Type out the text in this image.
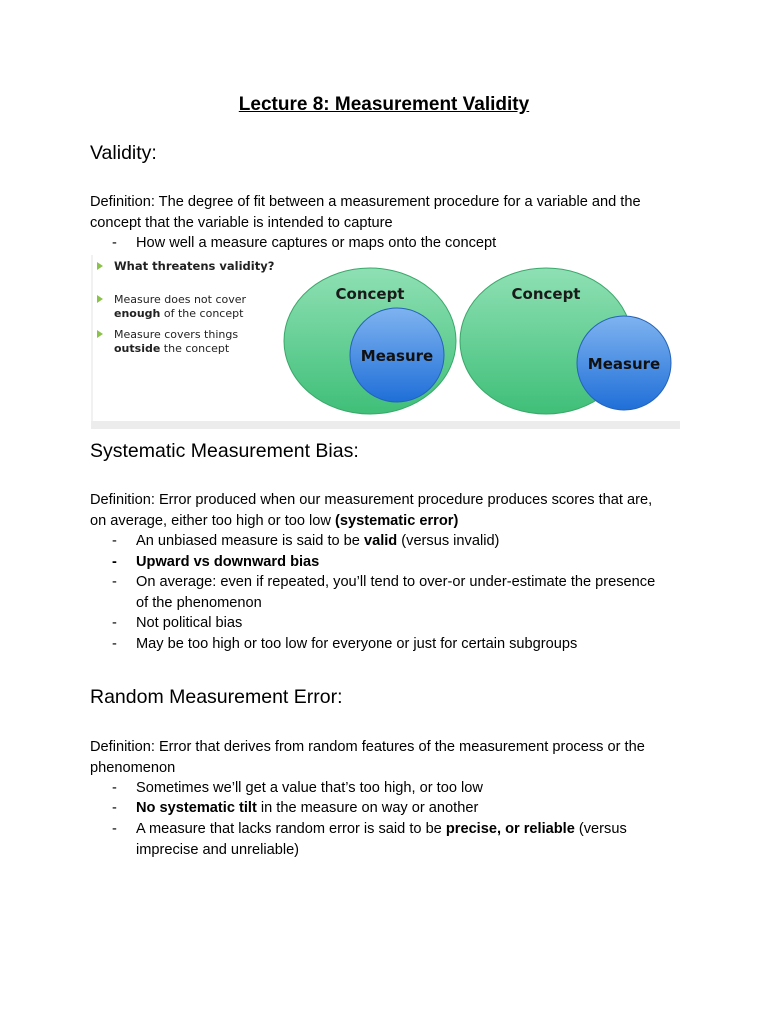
Lecture 8: Measurement Validity
Validity:
Definition: The degree of fit between a measurement procedure for a variable and the
concept that the variable is intended to capture
- How well a measure captures or maps onto the concept
What threatens validity?
Measure does not cover
enough of the concept
Measure covers things
outside the concept
Concept
Measure
Concept
Measure
Systematic Measurement Bias:
Definition: Error produced when our measurement procedure produces scores that are,
on average, either too high or too low (systematic error)
- An unbiased measure is said to be valid (versus invalid)
- Upward vs downward bias
- On average: even if repeated, you’ll tend to over-or under-estimate the presence
of the phenomenon
- Not political bias
- May be too high or too low for everyone or just for certain subgroups
Random Measurement Error:
Definition: Error that derives from random features of the measurement process or the
phenomenon
- Sometimes we’ll get a value that’s too high, or too low
- No systematic tilt in the measure on way or another
- A measure that lacks random error is said to be precise, or reliable (versus
imprecise and unreliable)
